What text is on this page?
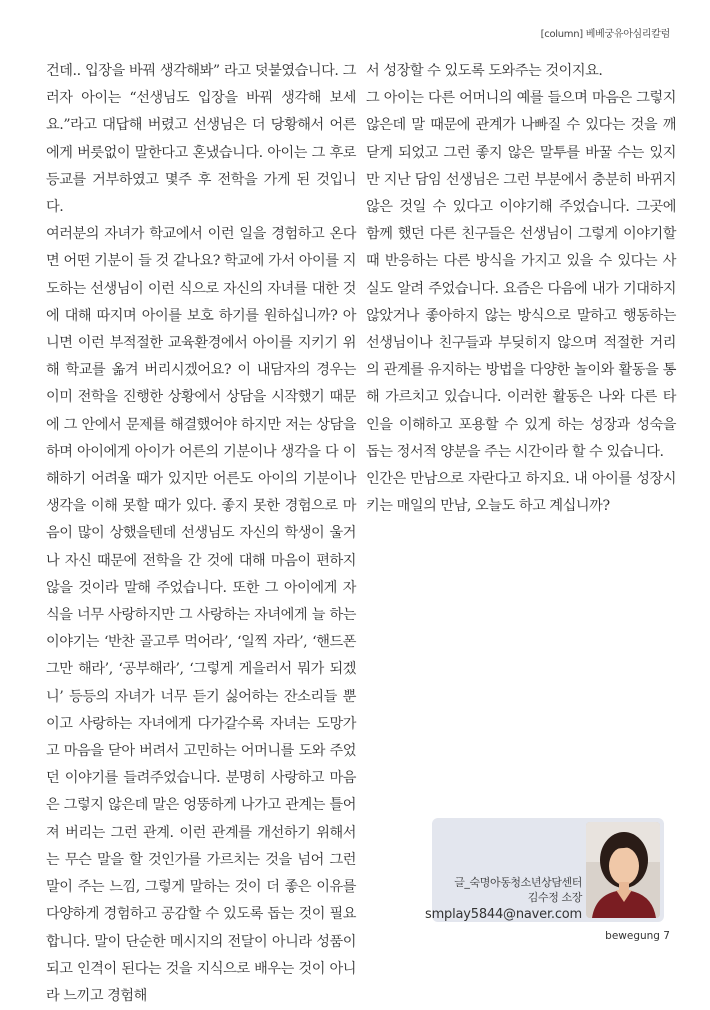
[column] 베베궁유아심리칼럼

건데.. 입장을 바꿔 생각해봐” 라고 덧붙였습니다. 그러자 아이는 “선생님도 입장을 바꿔 생각해 보세요.”라고 대답해 버렸고 선생님은 더 당황해서 어른에게 버릇없이 말한다고 혼냈습니다. 아이는 그 후로 등교를 거부하였고 몇주 후 전학을 가게 된 것입니다.

여러분의 자녀가 학교에서 이런 일을 경험하고 온다면 어떤 기분이 들 것 같나요? 학교에 가서 아이를 지도하는 선생님이 이런 식으로 자신의 자녀를 대한 것에 대해 따지며 아이를 보호 하기를 원하십니까? 아니면 이런 부적절한 교육환경에서 아이를 지키기 위해 학교를 옮겨 버리시겠어요? 이 내담자의 경우는 이미 전학을 진행한 상황에서 상담을 시작했기 때문에 그 안에서 문제를 해결했어야 하지만 저는 상담을 하며 아이에게 아이가 어른의 기분이나 생각을 다 이해하기 어려울 때가 있지만 어른도 아이의 기분이나 생각을 이해 못할 때가 있다. 좋지 못한 경험으로 마음이 많이 상했을텐데 선생님도 자신의 학생이 울거나 자신 때문에 전학을 간 것에 대해 마음이 편하지 않을 것이라 말해 주었습니다. 또한 그 아이에게 자식을 너무 사랑하지만 그 사랑하는 자녀에게 늘 하는 이야기는 ‘반찬 골고루 먹어라’, ‘일찍 자라’, ‘핸드폰 그만 해라’, ‘공부해라’, ‘그렇게 게을러서 뭐가 되겠니’ 등등의 자녀가 너무 듣기 싫어하는 잔소리들 뿐이고 사랑하는 자녀에게 다가갈수록 자녀는 도망가고 마음을 닫아 버려서 고민하는 어머니를 도와 주었던 이야기를 들려주었습니다. 분명히 사랑하고 마음은 그렇지 않은데 말은 엉뚱하게 나가고 관계는 틀어져 버리는 그런 관계. 이런 관계를 개선하기 위해서는 무슨 말을 할 것인가를 가르치는 것을 넘어 그런 말이 주는 느낌, 그렇게 말하는 것이 더 좋은 이유를 다양하게 경험하고 공감할 수 있도록 돕는 것이 필요합니다. 말이 단순한 메시지의 전달이 아니라 성품이 되고 인격이 된다는 것을 지식으로 배우는 것이 아니라 느끼고 경험해

서 성장할 수 있도록 도와주는 것이지요.

그 아이는 다른 어머니의 예를 들으며 마음은 그렇지 않은데 말 때문에 관계가 나빠질 수 있다는 것을 깨닫게 되었고 그런 좋지 않은 말투를 바꿀 수는 있지만 지난 담임 선생님은 그런 부분에서 충분히 바뀌지 않은 것일 수 있다고 이야기해 주었습니다. 그곳에 함께 했던 다른 친구들은 선생님이 그렇게 이야기할 때 반응하는 다른 방식을 가지고 있을 수 있다는 사실도 알려 주었습니다. 요즘은 다음에 내가 기대하지 않았거나 좋아하지 않는 방식으로 말하고 행동하는 선생님이나 친구들과 부딪히지 않으며 적절한 거리의 관계를 유지하는 방법을 다양한 놀이와 활동을 통해 가르치고 있습니다. 이러한 활동은 나와 다른 타인을 이해하고 포용할 수 있게 하는 성장과 성숙을 돕는 정서적 양분을 주는 시간이라 할 수 있습니다.

인간은 만남으로 자란다고 하지요. 내 아이를 성장시키는 매일의 만남, 오늘도 하고 계십니까?

글_숙명아동청소년상담센터
김수정 소장
smplay5844@naver.com
bewegung 7
